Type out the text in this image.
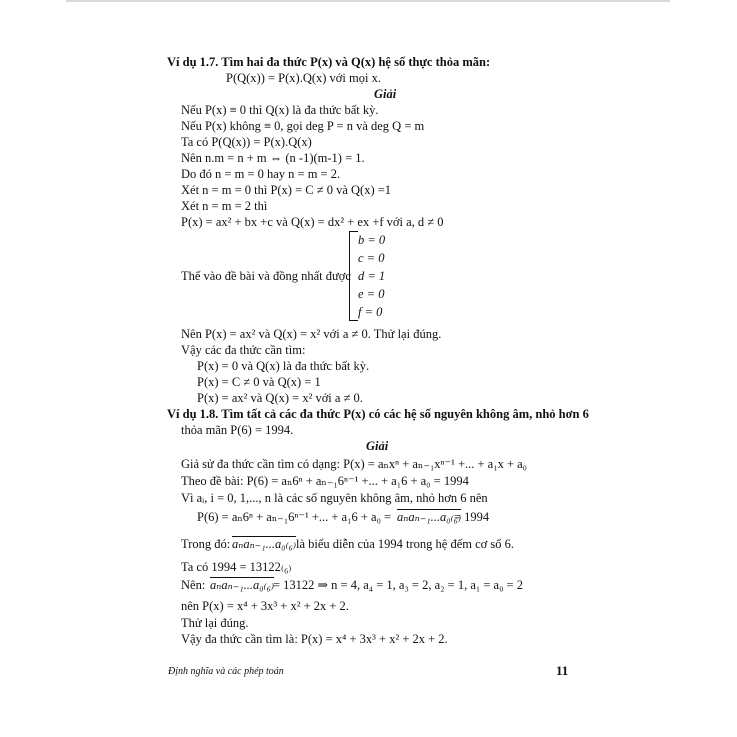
Ví dụ 1.7. Tìm hai đa thức P(x) và Q(x) hệ số thực thỏa mãn:
P(Q(x)) = P(x).Q(x) với mọi x.
Giải
Nếu P(x) ≡ 0 thì Q(x) là đa thức bất kỳ.
Nếu P(x) không ≡ 0, gọi deg P = n và deg Q = m
Ta có P(Q(x)) = P(x).Q(x)
Nên n.m = n + m ⇔ (n -1)(m-1) = 1.
Do đó n = m = 0 hay n = m = 2.
Xét n = m = 0 thì P(x) = C ≠ 0 và Q(x) =1
Xét n = m = 2 thì
P(x) = ax² + bx +c và Q(x) = dx² + ex +f với a, d ≠ 0
b = 0
c = 0
Thế vào đề bài và đồng nhất được d = 1
e = 0
f = 0
Nên P(x) = ax² và Q(x) = x² với a ≠ 0. Thử lại đúng.
Vậy các đa thức cần tìm:
P(x) = 0 và Q(x) là đa thức bất kỳ.
P(x) = C ≠ 0 và Q(x) = 1
P(x) = ax² và Q(x) = x² với a ≠ 0.
Ví dụ 1.8. Tìm tất cả các đa thức P(x) có các hệ số nguyên không âm, nhỏ hơn 6
thỏa mãn P(6) = 1994.
Giải
Giả sử đa thức cần tìm có dạng: P(x) = aₙxⁿ + aₙ₋₁xⁿ⁻¹ +... + a₁x + a₀
Theo đề bài: P(6) = aₙ6ⁿ + aₙ₋₁6ⁿ⁻¹ +... + a₁6 + a₀ = 1994
Vì aᵢ, i = 0, 1,..., n là các số nguyên không âm, nhỏ hơn 6 nên
P(6) = aₙ6ⁿ + aₙ₋₁6ⁿ⁻¹ +... + a₁6 + a₀ = aₙaₙ₋₁...a₀₍₆₎
= 1994
Trong đó: aₙaₙ₋₁...a₀₍₆₎ là biểu diễn của 1994 trong hệ đếm cơ số 6.
Ta có 1994 = 13122₍₆₎
Nên: aₙaₙ₋₁...a₀₍₆₎
= 13122 ⇒ n = 4, a₄ = 1, a₃ = 2, a₂ = 1, a₁ = a₀ = 2
nên P(x) = x⁴ + 3x³ + x² + 2x + 2.
Thử lại đúng.
Vậy đa thức cần tìm là: P(x) = x⁴ + 3x³ + x² + 2x + 2.
Định nghĩa và các phép toán	11
